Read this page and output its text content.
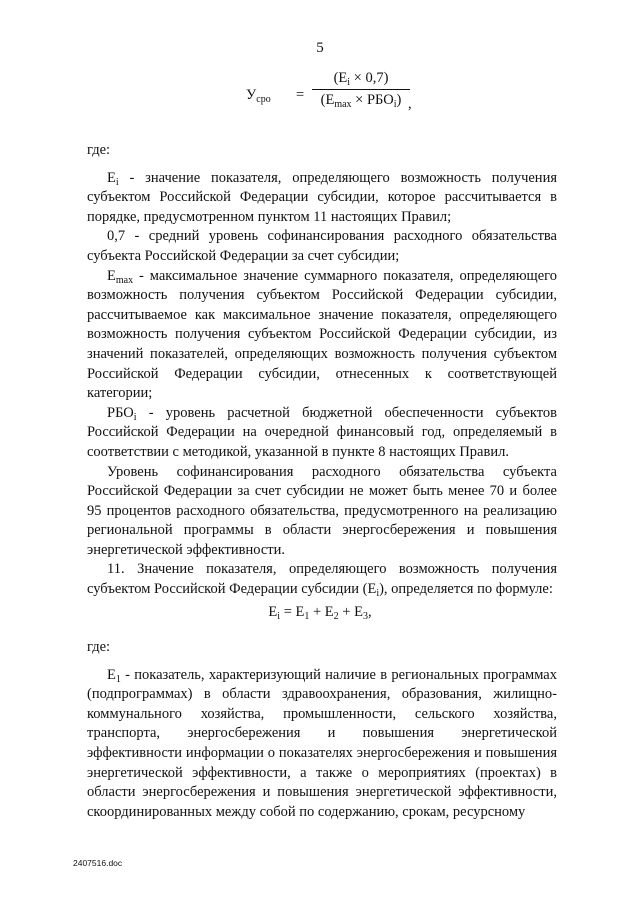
5
$У_{срo}$ =
$(E_i \times 0,7)$
$(E_{max} \times РБО_i)$ ,

где:

$E_i$ - значение показателя, определяющего возможность получения субъектом Российской Федерации субсидии, которое рассчитывается в порядке, предусмотренном пунктом 11 настоящих Правил;

0,7 - средний уровень софинансирования расходного обязательства субъекта Российской Федерации за счет субсидии;

$E_{max}$ - максимальное значение суммарного показателя, определяющего возможность получения субъектом Российской Федерации субсидии, рассчитываемое как максимальное значение показателя, определяющего возможность получения субъектом Российской Федерации субсидии, из значений показателей, определяющих возможность получения субъектом Российской Федерации субсидии, отнесенных к соответствующей категории;

$РБО_i$ - уровень расчетной бюджетной обеспеченности субъектов Российской Федерации на очередной финансовый год, определяемый в соответствии с методикой, указанной в пункте 8 настоящих Правил.

Уровень софинансирования расходного обязательства субъекта Российской Федерации за счет субсидии не может быть менее 70 и более 95 процентов расходного обязательства, предусмотренного на реализацию региональной программы в области энергосбережения и повышения энергетической эффективности.

11. Значение показателя, определяющего возможность получения субъектом Российской Федерации субсидии $(E_i)$, определяется по формуле:

$E_i = E_1 + E_2 + E_3$,

где:

$E_1$ - показатель, характеризующий наличие в региональных программах (подпрограммах) в области здравоохранения, образования, жилищно-коммунального хозяйства, промышленности, сельского хозяйства, транспорта, энергосбережения и повышения энергетической эффективности информации о показателях энергосбережения и повышения энергетической эффективности, а также о мероприятиях (проектах) в области энергосбережения и повышения энергетической эффективности, скоординированных между собой по содержанию, срокам, ресурсному

2407516.doc
